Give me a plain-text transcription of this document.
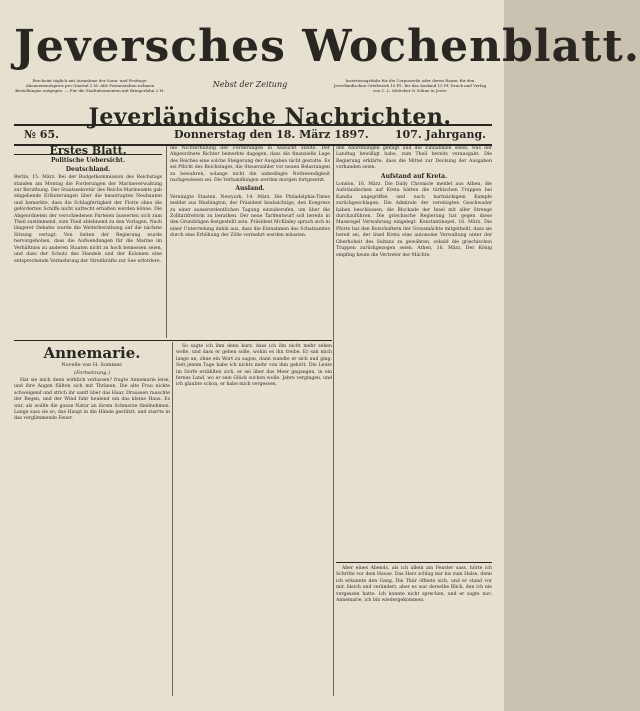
Jeversches Wochenblatt.
Erscheint täglich mit Ausnahme der Sonn- und Festtage. Abonnementspreis pro Quartal 2 M. Alle Postanstalten nehmen Bestellungen entgegen. — Für die Stadtabonnenten mit Bringerlohn 2 M.
Nebst der Zeitung	Insertionsgebühr für die Corpuszeile oder deren Raum: für den Jeverländischen Ortsbezirk 10 Pf., für das Ausland 15 Pf. Druck und Verlag von C. L. Mettcker & Söhne in Jever.
Jeverländische Nachrichten.
№ 65.	Donnerstag den 18. März 1897. 107. Jahrgang.
Erstes Blatt.
Politische Uebersicht.
Deutschland.

Berlin, 15. März. Bei der Budgetkommission des Reichstags standen am Montag die Forderungen der Marineverwaltung zur Berathung. Der Staatssekretär des Reichs-Marineamts gab eingehende Erläuterungen über die beantragten Neubauten und bemerkte, dass die Schlagfertigkeit der Flotte ohne die geforderten Schiffe nicht aufrecht erhalten werden könne. Die Abgeordneten der verschiedenen Parteien äusserten sich zum Theil zustimmend, zum Theil ablehnend zu den Vorlagen. Nach längerer Debatte wurde die Weiterberathung auf die nächste Sitzung vertagt. Von Seiten der Regierung wurde hervorgehoben, dass die Aufwendungen für die Marine im Verhältniss zu anderen Staaten nicht zu hoch bemessen seien, und dass der Schutz des Handels und der Kolonien eine entsprechende Vermehrung der Streitkräfte zur See erfordere.

die Nichterfüllung der Forderungen in Aussicht stellte. Der Abgeordnete Richter bemerkte dagegen, dass die finanzielle Lage des Reiches eine solche Steigerung der Ausgaben nicht gestatte. Es sei Pflicht des Reichstages, die Steuerzahler vor neuen Belastungen zu bewahren, solange nicht die unbedingte Nothwendigkeit nachgewiesen sei. Die Verhandlungen werden morgen fortgesetzt.

Ausland.

Vereinigte Staaten. Newyork, 14. März. Die Philadelphia-Times meldet aus Washington, der Präsident beabsichtige, den Kongress zu einer ausserordentlichen Tagung einzuberufen, um über die Zolltarifreform zu berathen. Der neue Tarifentwurf soll bereits in den Grundzügen festgestellt sein. Präsident McKinley sprach sich in einer Unterredung dahin aus, dass die Einnahmen des Schatzamtes durch eine Erhöhung der Zölle vermehrt werden müssten.

den Anordnungen gefolgt und die Einnahmen seien, was der Landtag bewilligt habe, zum Theil bereits verausgabt. Die Regierung erklärte, dass die Mittel zur Deckung der Ausgaben vorhanden seien.

Aufstand auf Kreta.

London, 16. März. Die Daily Chronicle meldet aus Athen, die Aufständischen auf Kreta hätten die türkischen Truppen bei Kandia angegriffen und nach hartnäckigem Kampfe zurückgeschlagen. Die Admirale der vereinigten Geschwader haben beschlossen, die Blockade der Insel mit aller Strenge durchzuführen. Die griechische Regierung hat gegen diese Massregel Verwahrung eingelegt. Konstantinopel, 16. März. Die Pforte hat den Botschaftern der Grossmächte mitgetheilt, dass sie bereit sei, der Insel Kreta eine autonome Verwaltung unter der Oberhoheit des Sultans zu gewähren, sobald die griechischen Truppen zurückgezogen seien. Athen, 16. März. Der König empfing heute die Vertreter der Mächte.

Annemarie.
Novelle von H. Sommer.
(Fortsetzung.)

Hat sie mich denn wirklich verlassen? fragte Annemarie leise, und ihre Augen füllten sich mit Thränen. Die alte Frau nickte schweigend und strich ihr sanft über das Haar. Draussen rauschte der Regen, und der Wind fuhr heulend um das kleine Haus. Es war, als wollte die ganze Natur an ihrem Schmerze theilnehmen. Lange sass sie so, das Haupt in die Hände gestützt, und starrte in das verglimmende Feuer.

So sagte ich ihm denn kurz, dass ich ihn nicht mehr sehen wolle, und dass er gehen solle, wohin es ihn treibe. Er sah mich lange an, ohne ein Wort zu sagen, dann wandte er sich und ging. Seit jenem Tage habe ich nichts mehr von ihm gehört. Die Leute im Dorfe erzählten sich, er sei über das Meer gegangen, in ein fernes Land, wo er sein Glück suchen wolle. Jahre vergingen, und ich glaubte schon, er habe mich vergessen.

Aber eines Abends, als ich allein am Fenster sass, hörte ich Schritte vor dem Hause. Das Herz schlug mir bis zum Halse, denn ich erkannte den Gang. Die Thür öffnete sich, und er stand vor mir, bleich und verändert, aber es war derselbe Blick, den ich nie vergessen hatte. Ich konnte nicht sprechen, und er sagte nur: Annemarie, ich bin wiedergekommen.
